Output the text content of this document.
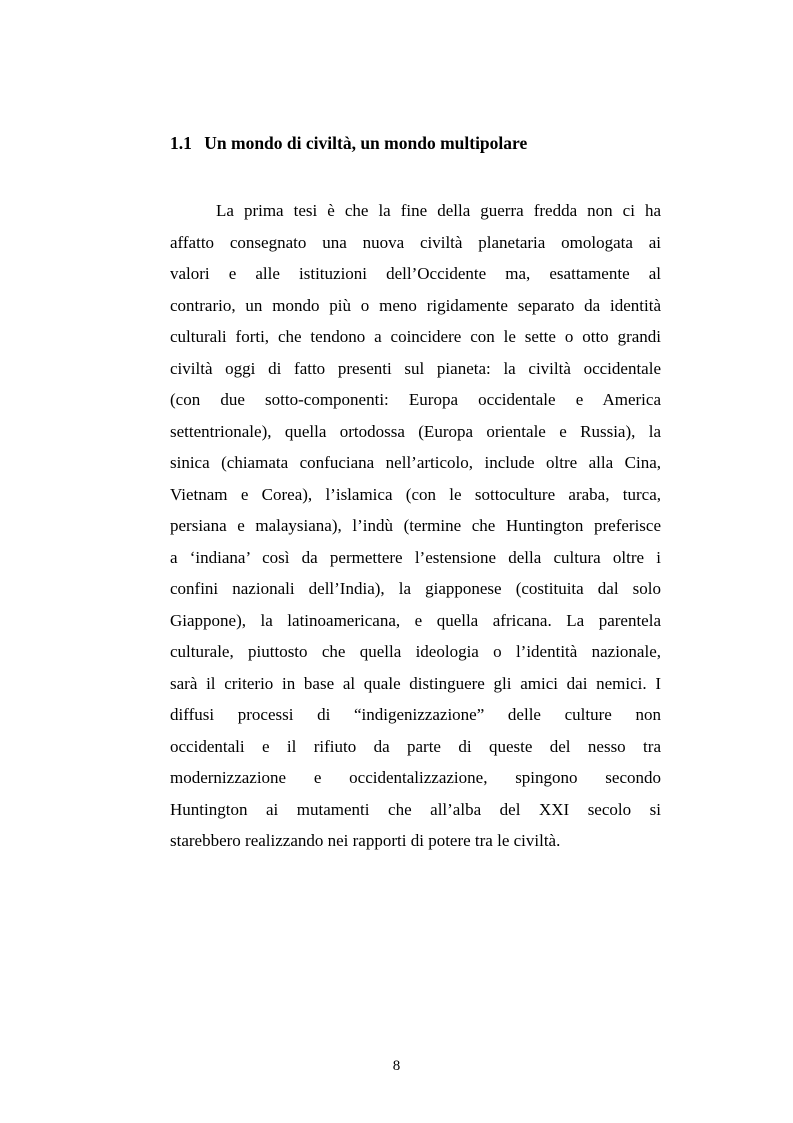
1.1 Un mondo di civiltà, un mondo multipolare
La prima tesi è che la fine della guerra fredda non ci ha
affatto consegnato una nuova civiltà planetaria omologata ai
valori e alle istituzioni dell’Occidente ma, esattamente al
contrario, un mondo più o meno rigidamente separato da identità
culturali forti, che tendono a coincidere con le sette o otto grandi
civiltà oggi di fatto presenti sul pianeta: la civiltà occidentale
(con due sotto-componenti: Europa occidentale e America
settentrionale), quella ortodossa (Europa orientale e Russia), la
sinica (chiamata confuciana nell’articolo, include oltre alla Cina,
Vietnam e Corea), l’islamica (con le sottoculture araba, turca,
persiana e malaysiana), l’indù (termine che Huntington preferisce
a ‘indiana’ così da permettere l’estensione della cultura oltre i
confini nazionali dell’India), la giapponese (costituita dal solo
Giappone), la latinoamericana, e quella africana. La parentela
culturale, piuttosto che quella ideologia o l’identità nazionale,
sarà il criterio in base al quale distinguere gli amici dai nemici. I
diffusi processi di “indigenizzazione” delle culture non
occidentali e il rifiuto da parte di queste del nesso tra
modernizzazione e occidentalizzazione, spingono secondo
Huntington ai mutamenti che all’alba del XXI secolo si
starebbero realizzando nei rapporti di potere tra le civiltà.
8
